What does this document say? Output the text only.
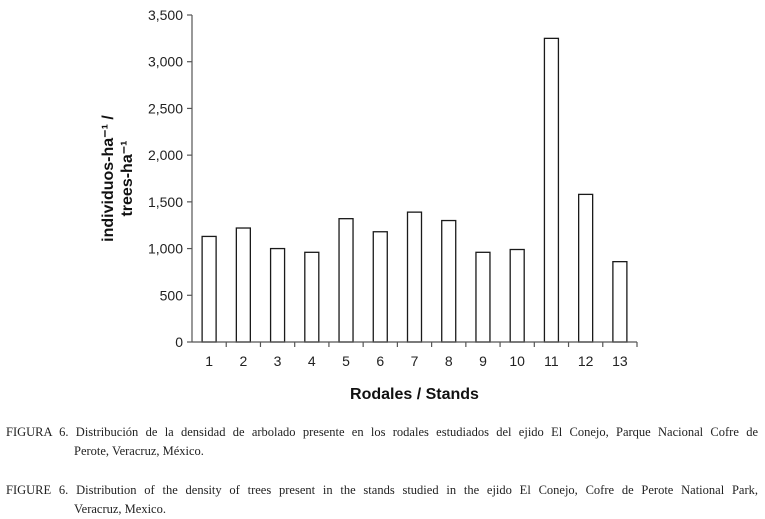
0
500
1,000
1,500
2,000
2,500
3,000
3,500
1 2 3 4 5 6 7 8 9 10 11 12 13
Rodales / Stands
individuos-ha⁻¹ / trees-ha⁻¹
FIGURA 6. Distribución de la densidad de arbolado presente en los rodales estudiados del ejido El Conejo, Parque Nacional Cofre de
Perote, Veracruz, México.
FIGURE 6. Distribution of the density of trees present in the stands studied in the ejido El Conejo, Cofre de Perote National Park,
Veracruz, Mexico.
